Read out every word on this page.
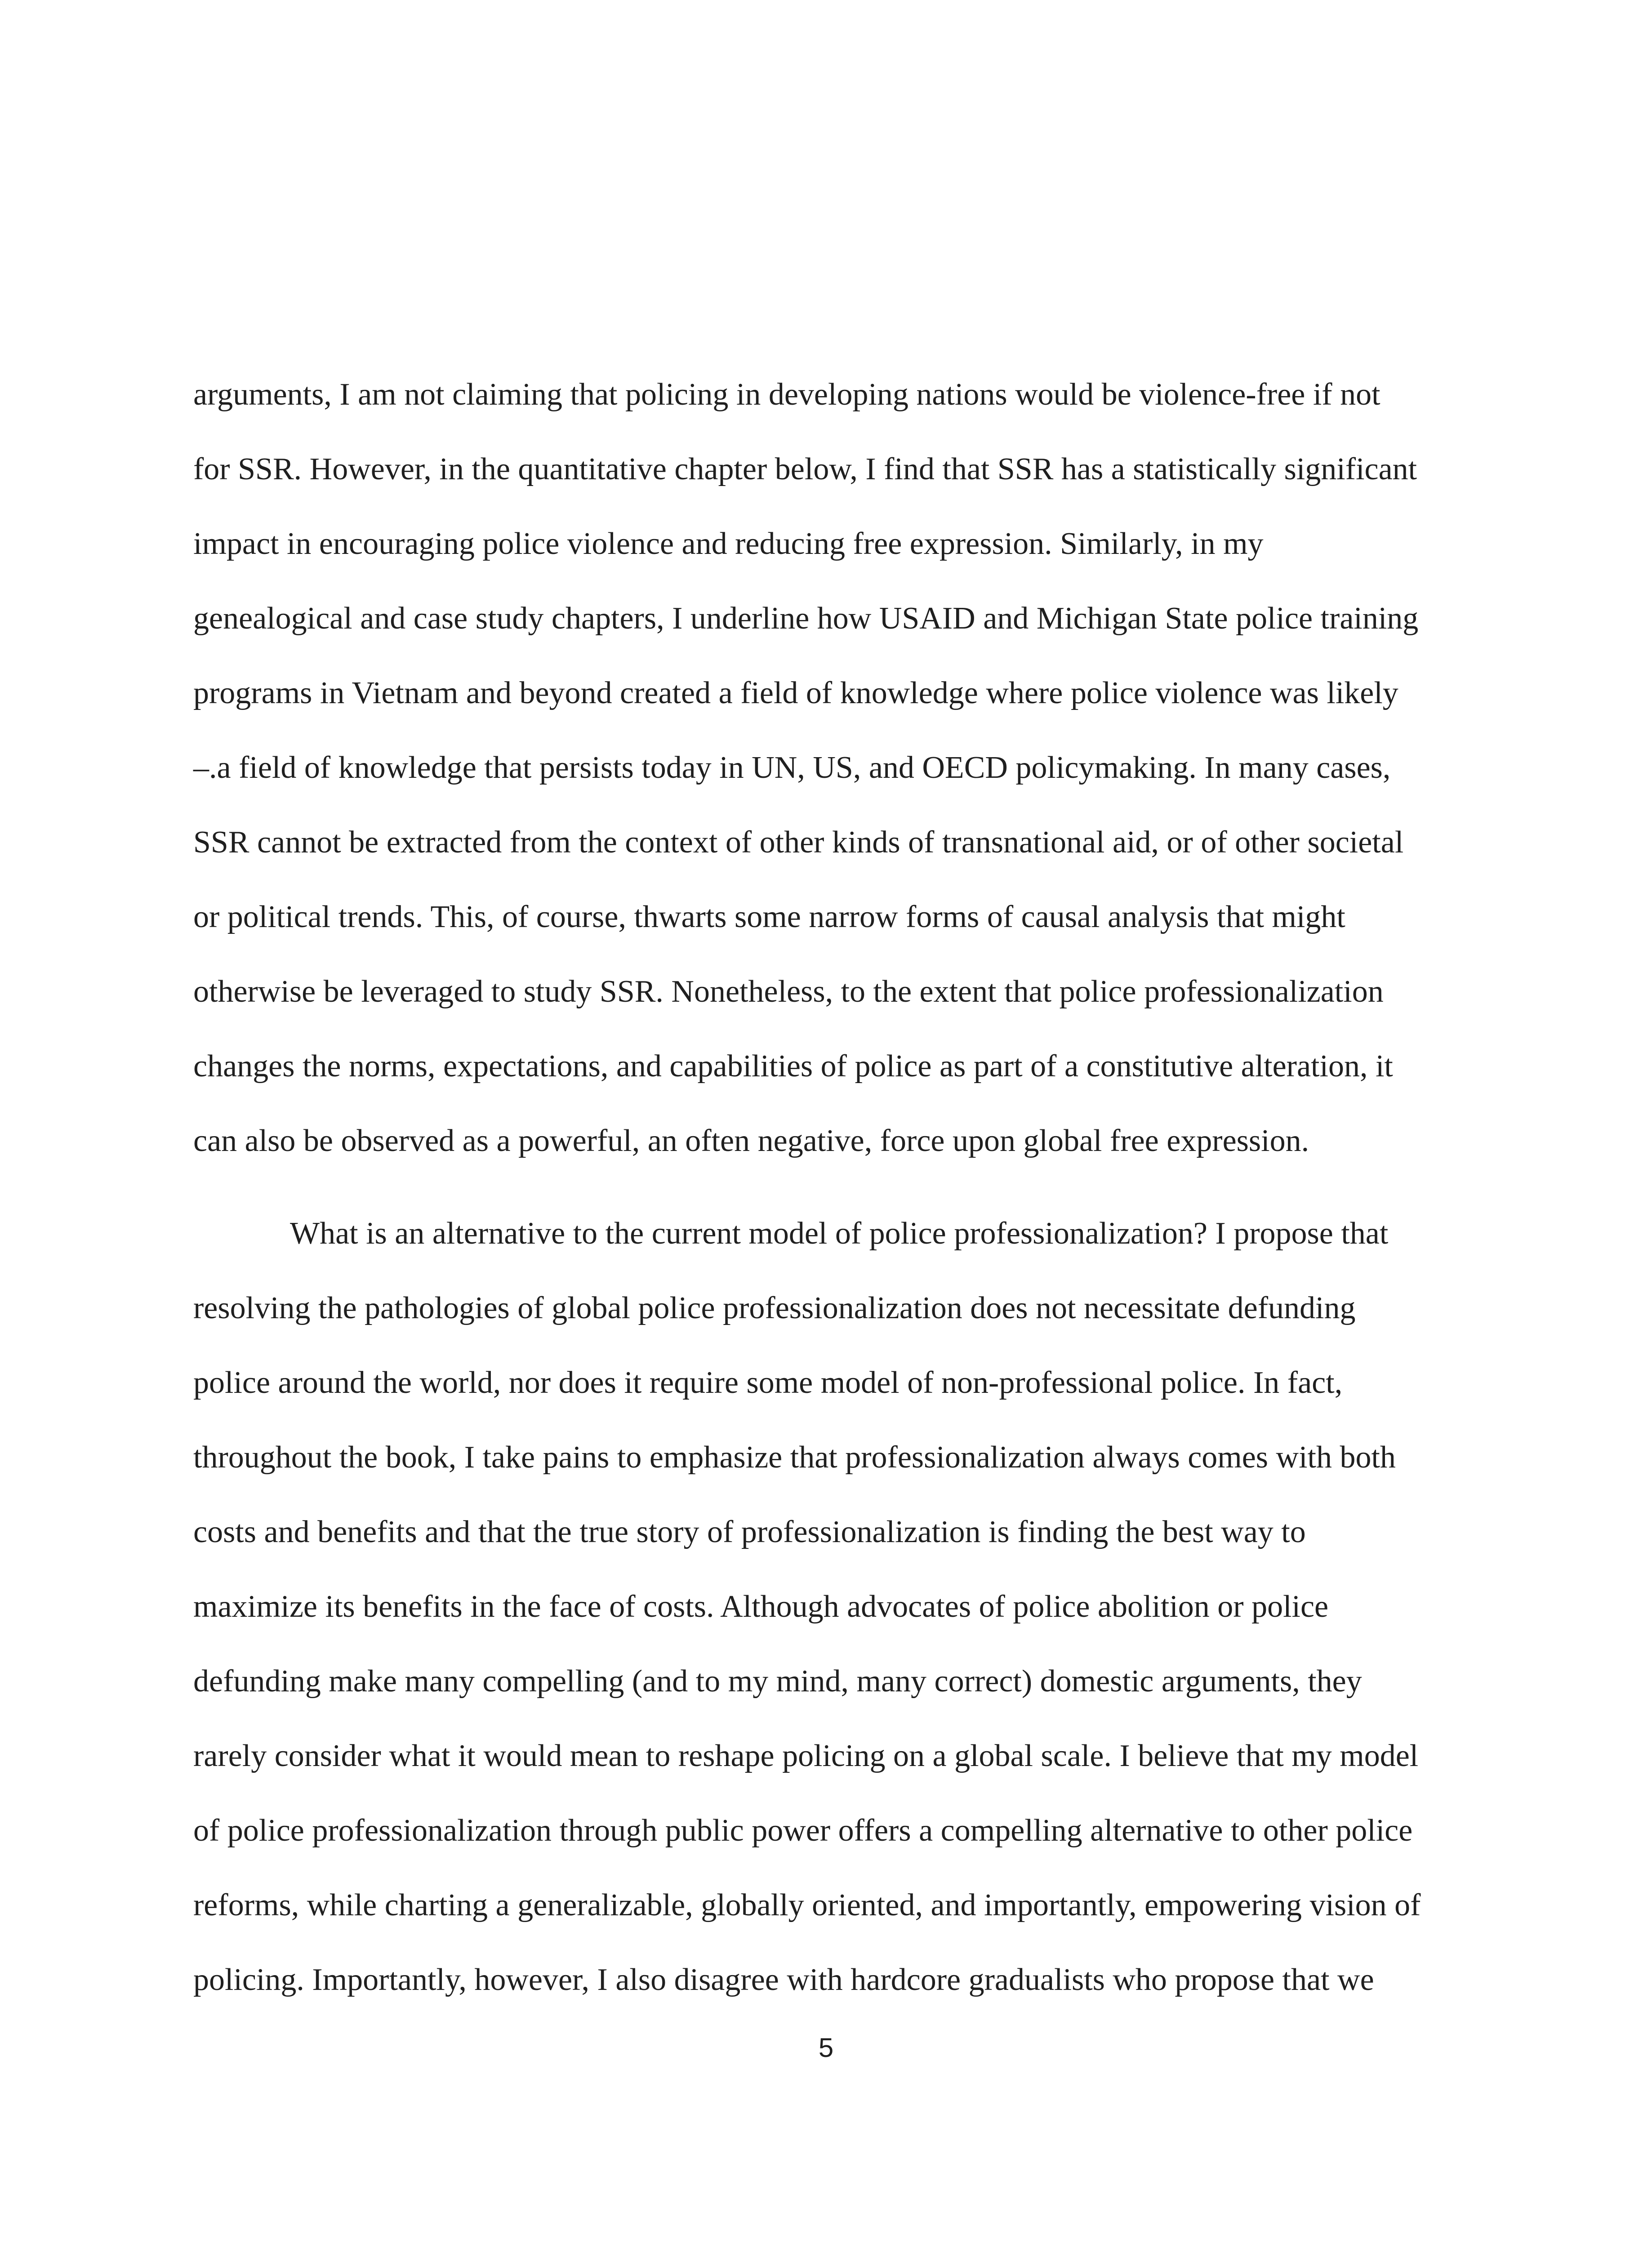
arguments, I am not claiming that policing in developing nations would be violence-free if not
for SSR. However, in the quantitative chapter below, I find that SSR has a statistically significant
impact in encouraging police violence and reducing free expression. Similarly, in my
genealogical and case study chapters, I underline how USAID and Michigan State police training
programs in Vietnam and beyond created a field of knowledge where police violence was likely
–.a field of knowledge that persists today in UN, US, and OECD policymaking. In many cases,
SSR cannot be extracted from the context of other kinds of transnational aid, or of other societal
or political trends. This, of course, thwarts some narrow forms of causal analysis that might
otherwise be leveraged to study SSR. Nonetheless, to the extent that police professionalization
changes the norms, expectations, and capabilities of police as part of a constitutive alteration, it
can also be observed as a powerful, an often negative, force upon global free expression.
What is an alternative to the current model of police professionalization? I propose that
resolving the pathologies of global police professionalization does not necessitate defunding
police around the world, nor does it require some model of non-professional police. In fact,
throughout the book, I take pains to emphasize that professionalization always comes with both
costs and benefits and that the true story of professionalization is finding the best way to
maximize its benefits in the face of costs. Although advocates of police abolition or police
defunding make many compelling (and to my mind, many correct) domestic arguments, they
rarely consider what it would mean to reshape policing on a global scale. I believe that my model
of police professionalization through public power offers a compelling alternative to other police
reforms, while charting a generalizable, globally oriented, and importantly, empowering vision of
policing. Importantly, however, I also disagree with hardcore gradualists who propose that we
5
